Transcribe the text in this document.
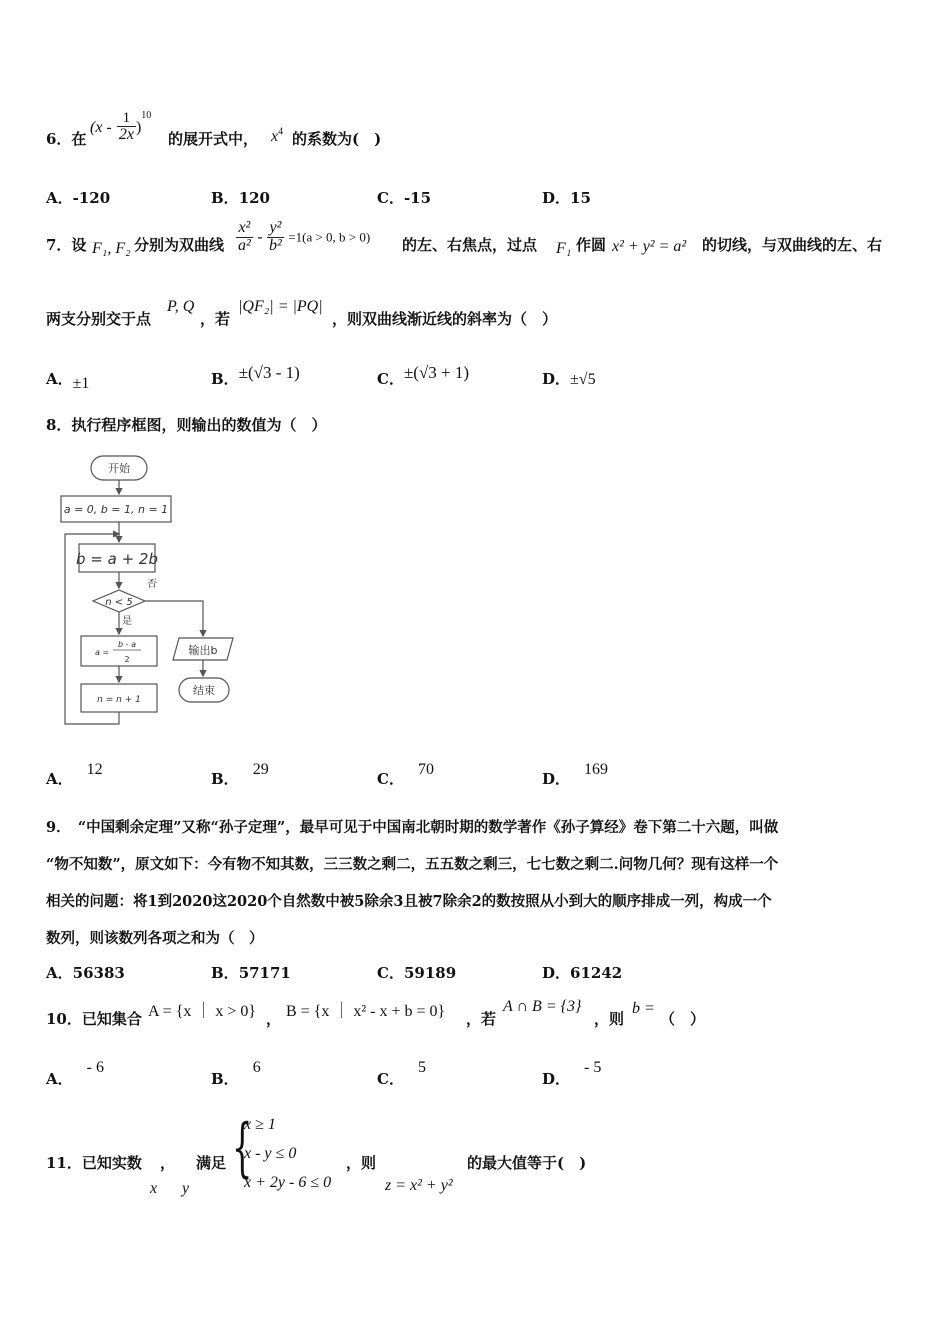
6．在
$(x - \frac{1}{2x} )^{10}$
的展开式中， $x^4$ 的系数为(　)
A．-120	B．120	C．-15	D．15
7．设 F₁, F₂ 分别为双曲线 $\frac{\text{x²}}{\text{a²}} - \frac{\text{y²}}{\text{b²}} =1(a > 0$, b > 0) 的左、右焦点，过点 F₁ 作圆 x² + y² = a² 的切线，与双曲线的左、右
两支分别交于点
P, Q
，若
|QF₂| = |PQ|
，则双曲线渐近线的斜率为（　）
A．±1	B．±(√3 - 1)	C．±(√3 + 1)	D．±√5
8．执行程序框图，则输出的数值为（　）
开始
a = 0, b = 1, n = 1
b = a + 2b
否
n < 5
是
a =
b - a
2
n = n + 1
输出b
结束
A．12
B．29
C．70
D．169
9．　“中国剩余定理”又称“孙子定理”，最早可见于中国南北朝时期的数学著作《孙子算经》卷下第二十六题，叫做
“物不知数”，原文如下：今有物不知其数，三三数之剩二，五五数之剩三，七七数之剩二.问物几何？现有这样一个
相关的问题：将1到2020这2020个自然数中被5除余3且被7除余2的数按照从小到大的顺序排成一列，构成一个
数列，则该数列各项之和为（　）
A．56383	B．57171	C．59189	D．61242
10．已知集合 A = {x ｜ x > 0} ， B = {x ｜ x² - x + b = 0} ，若
A ∩ B = {3}
，则
b =
（　）
A．- 6
B．6
C．5
D．- 5
11．已知实数 ， 满足
x y
{
x ≥ 1
x - y ≤ 0
x + 2y - 6 ≤ 0
，则
z = x² + y²
的最大值等于(　)
